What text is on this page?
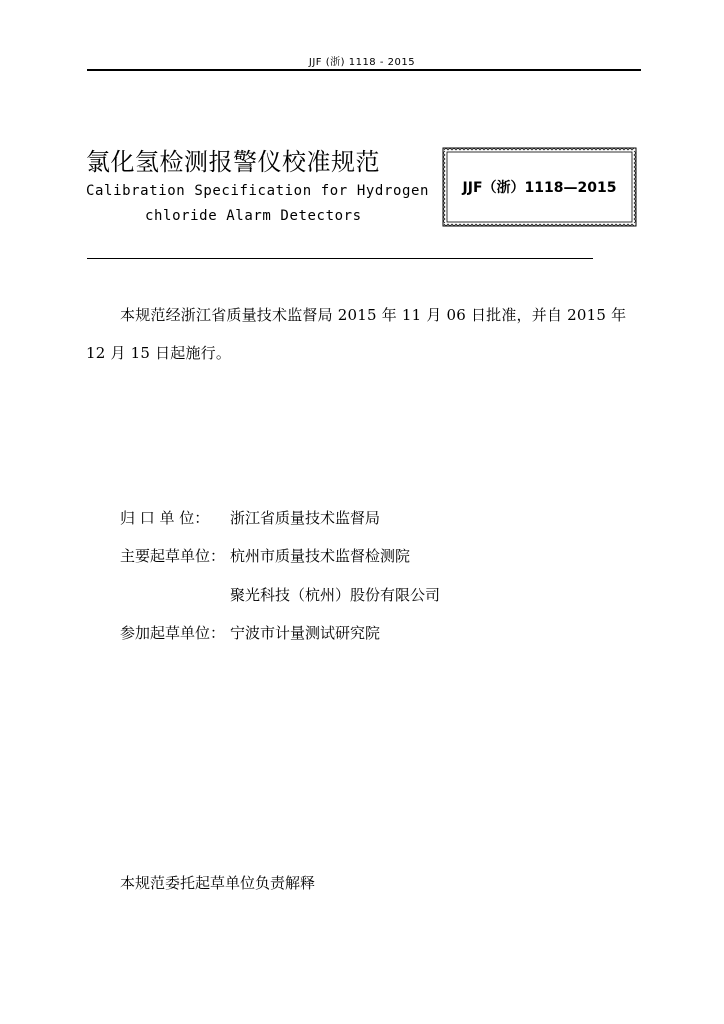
JJF (浙) 1118 - 2015
氯化氢检测报警仪校准规范
Calibration Specification for Hydrogen
chloride Alarm Detectors
JJF（浙）1118—2015
本规范经浙江省质量技术监督局 2015 年 11 月 06 日批准，并自 2015 年 12 月 15 日起施行。
归 口 单 位： 浙江省质量技术监督局
主要起草单位： 杭州市质量技术监督检测院
聚光科技（杭州）股份有限公司
参加起草单位： 宁波市计量测试研究院
本规范委托起草单位负责解释
